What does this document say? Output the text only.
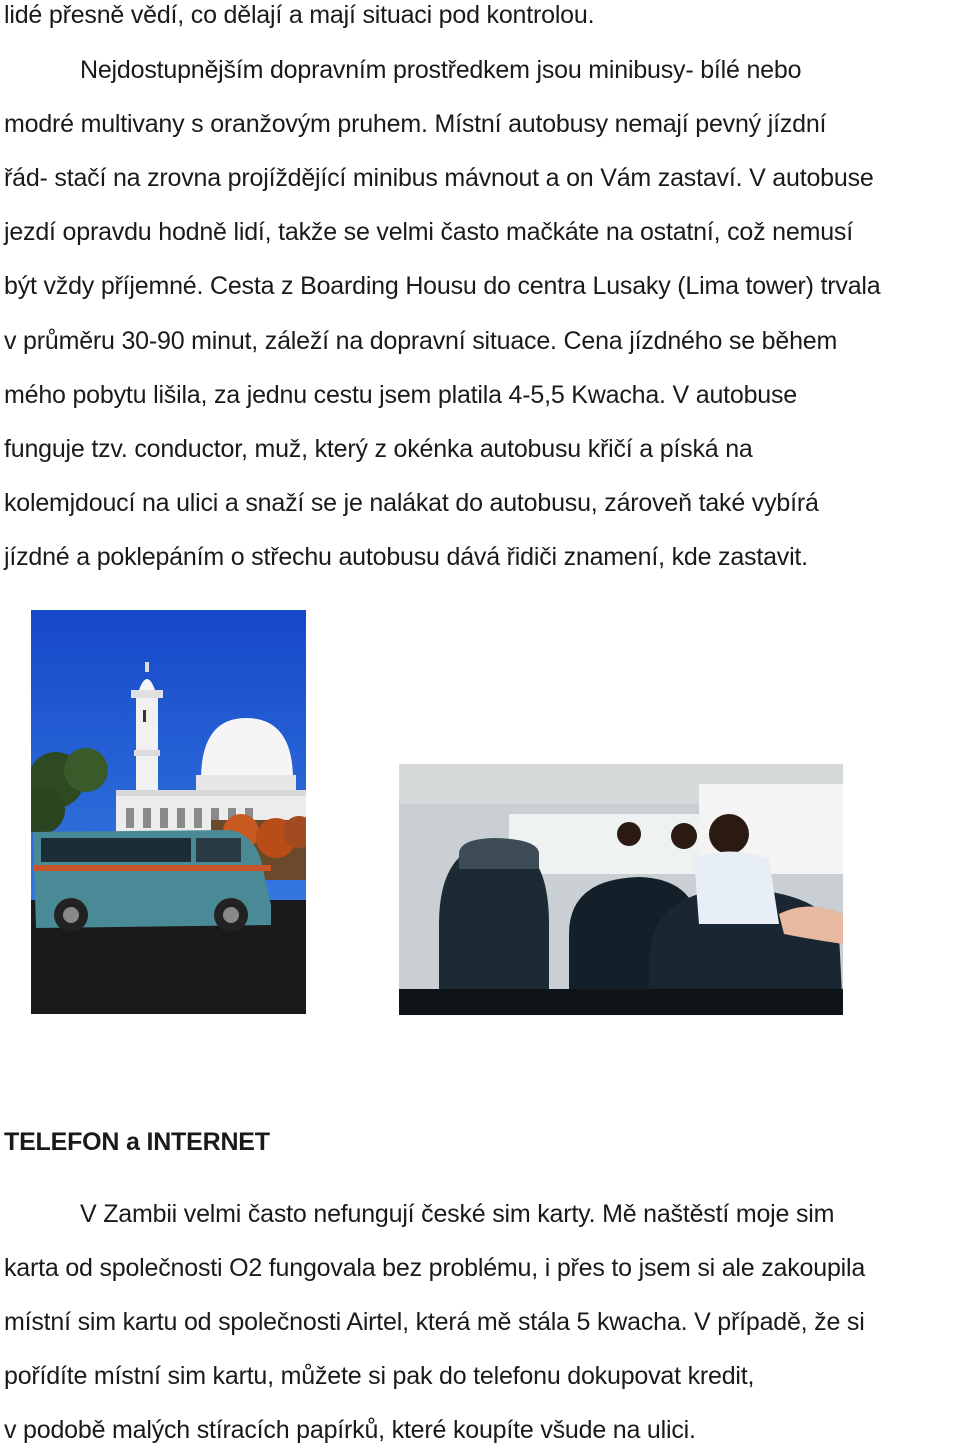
lidé přesně vědí, co dělají a mají situaci pod kontrolou.
Nejdostupnějším dopravním prostředkem jsou minibusy- bílé nebo
modré multivany s oranžovým pruhem. Místní autobusy nemají pevný jízdní
řád- stačí na zrovna projíždějící minibus mávnout a on Vám zastaví. V autobuse
jezdí opravdu hodně lidí, takže se velmi často mačkáte na ostatní, což nemusí
být vždy příjemné. Cesta z Boarding Housu do centra Lusaky (Lima tower) trvala
v průměru 30-90 minut, záleží na dopravní situace. Cena jízdného se během
mého pobytu lišila, za jednu cestu jsem platila 4-5,5 Kwacha. V autobuse
funguje tzv. conductor, muž, který z okénka autobusu křičí a píská na
kolemjdoucí na ulici a snaží se je nalákat do autobusu, zároveň také vybírá
jízdné a poklepáním o střechu autobusu dává řidiči znamení, kde zastavit.
TELEFON a INTERNET
V Zambii velmi často nefungují české sim karty. Mě naštěstí moje sim
karta od společnosti O2 fungovala bez problému, i přes to jsem si ale zakoupila
místní sim kartu od společnosti Airtel, která mě stála 5 kwacha. V případě, že si
pořídíte místní sim kartu, můžete si pak do telefonu dokupovat kredit,
v podobě malých stíracích papírků, které koupíte všude na ulici.
